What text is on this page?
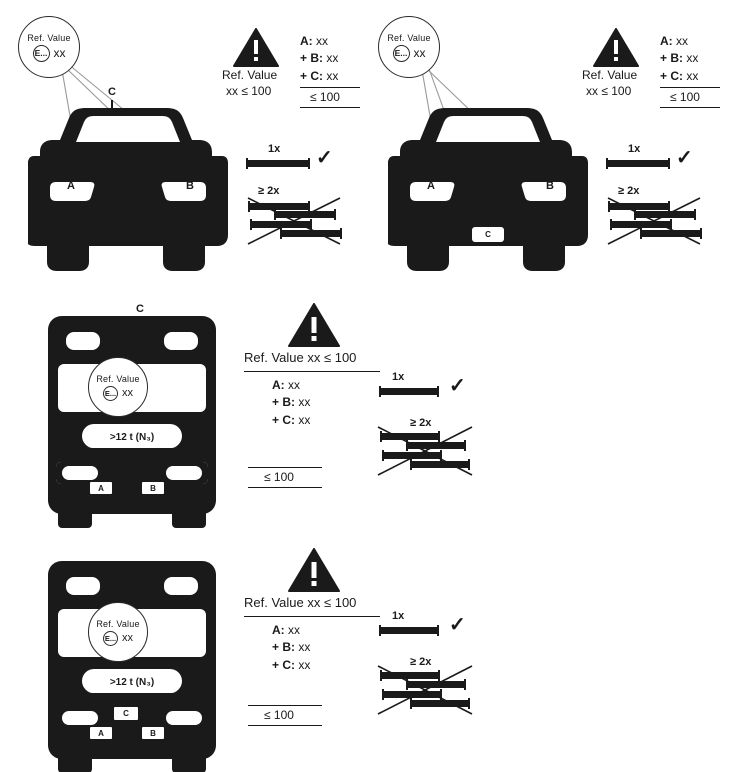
Ref. Value
E... xx
C
A	B
Ref. Value
xx ≤ 100
A: xx
+ B: xx
+ C: xx
≤ 100
1x ✓
≥ 2x
Ref. Value
E... xx
C
A	B
Ref. Value
xx ≤ 100
A: xx
+ B: xx
+ C: xx
≤ 100
1x ✓
≥ 2x
C
Ref. Value
E... xx
>12 t (N₃)
A	B
Ref. Value xx ≤ 100
A: xx
+ B: xx
+ C: xx
≤ 100
1x ✓
≥ 2x
Ref. Value
E... xx
>12 t (N₃)
C
A	B
Ref. Value xx ≤ 100
A: xx
+ B: xx
+ C: xx
≤ 100
1x ✓
≥ 2x
